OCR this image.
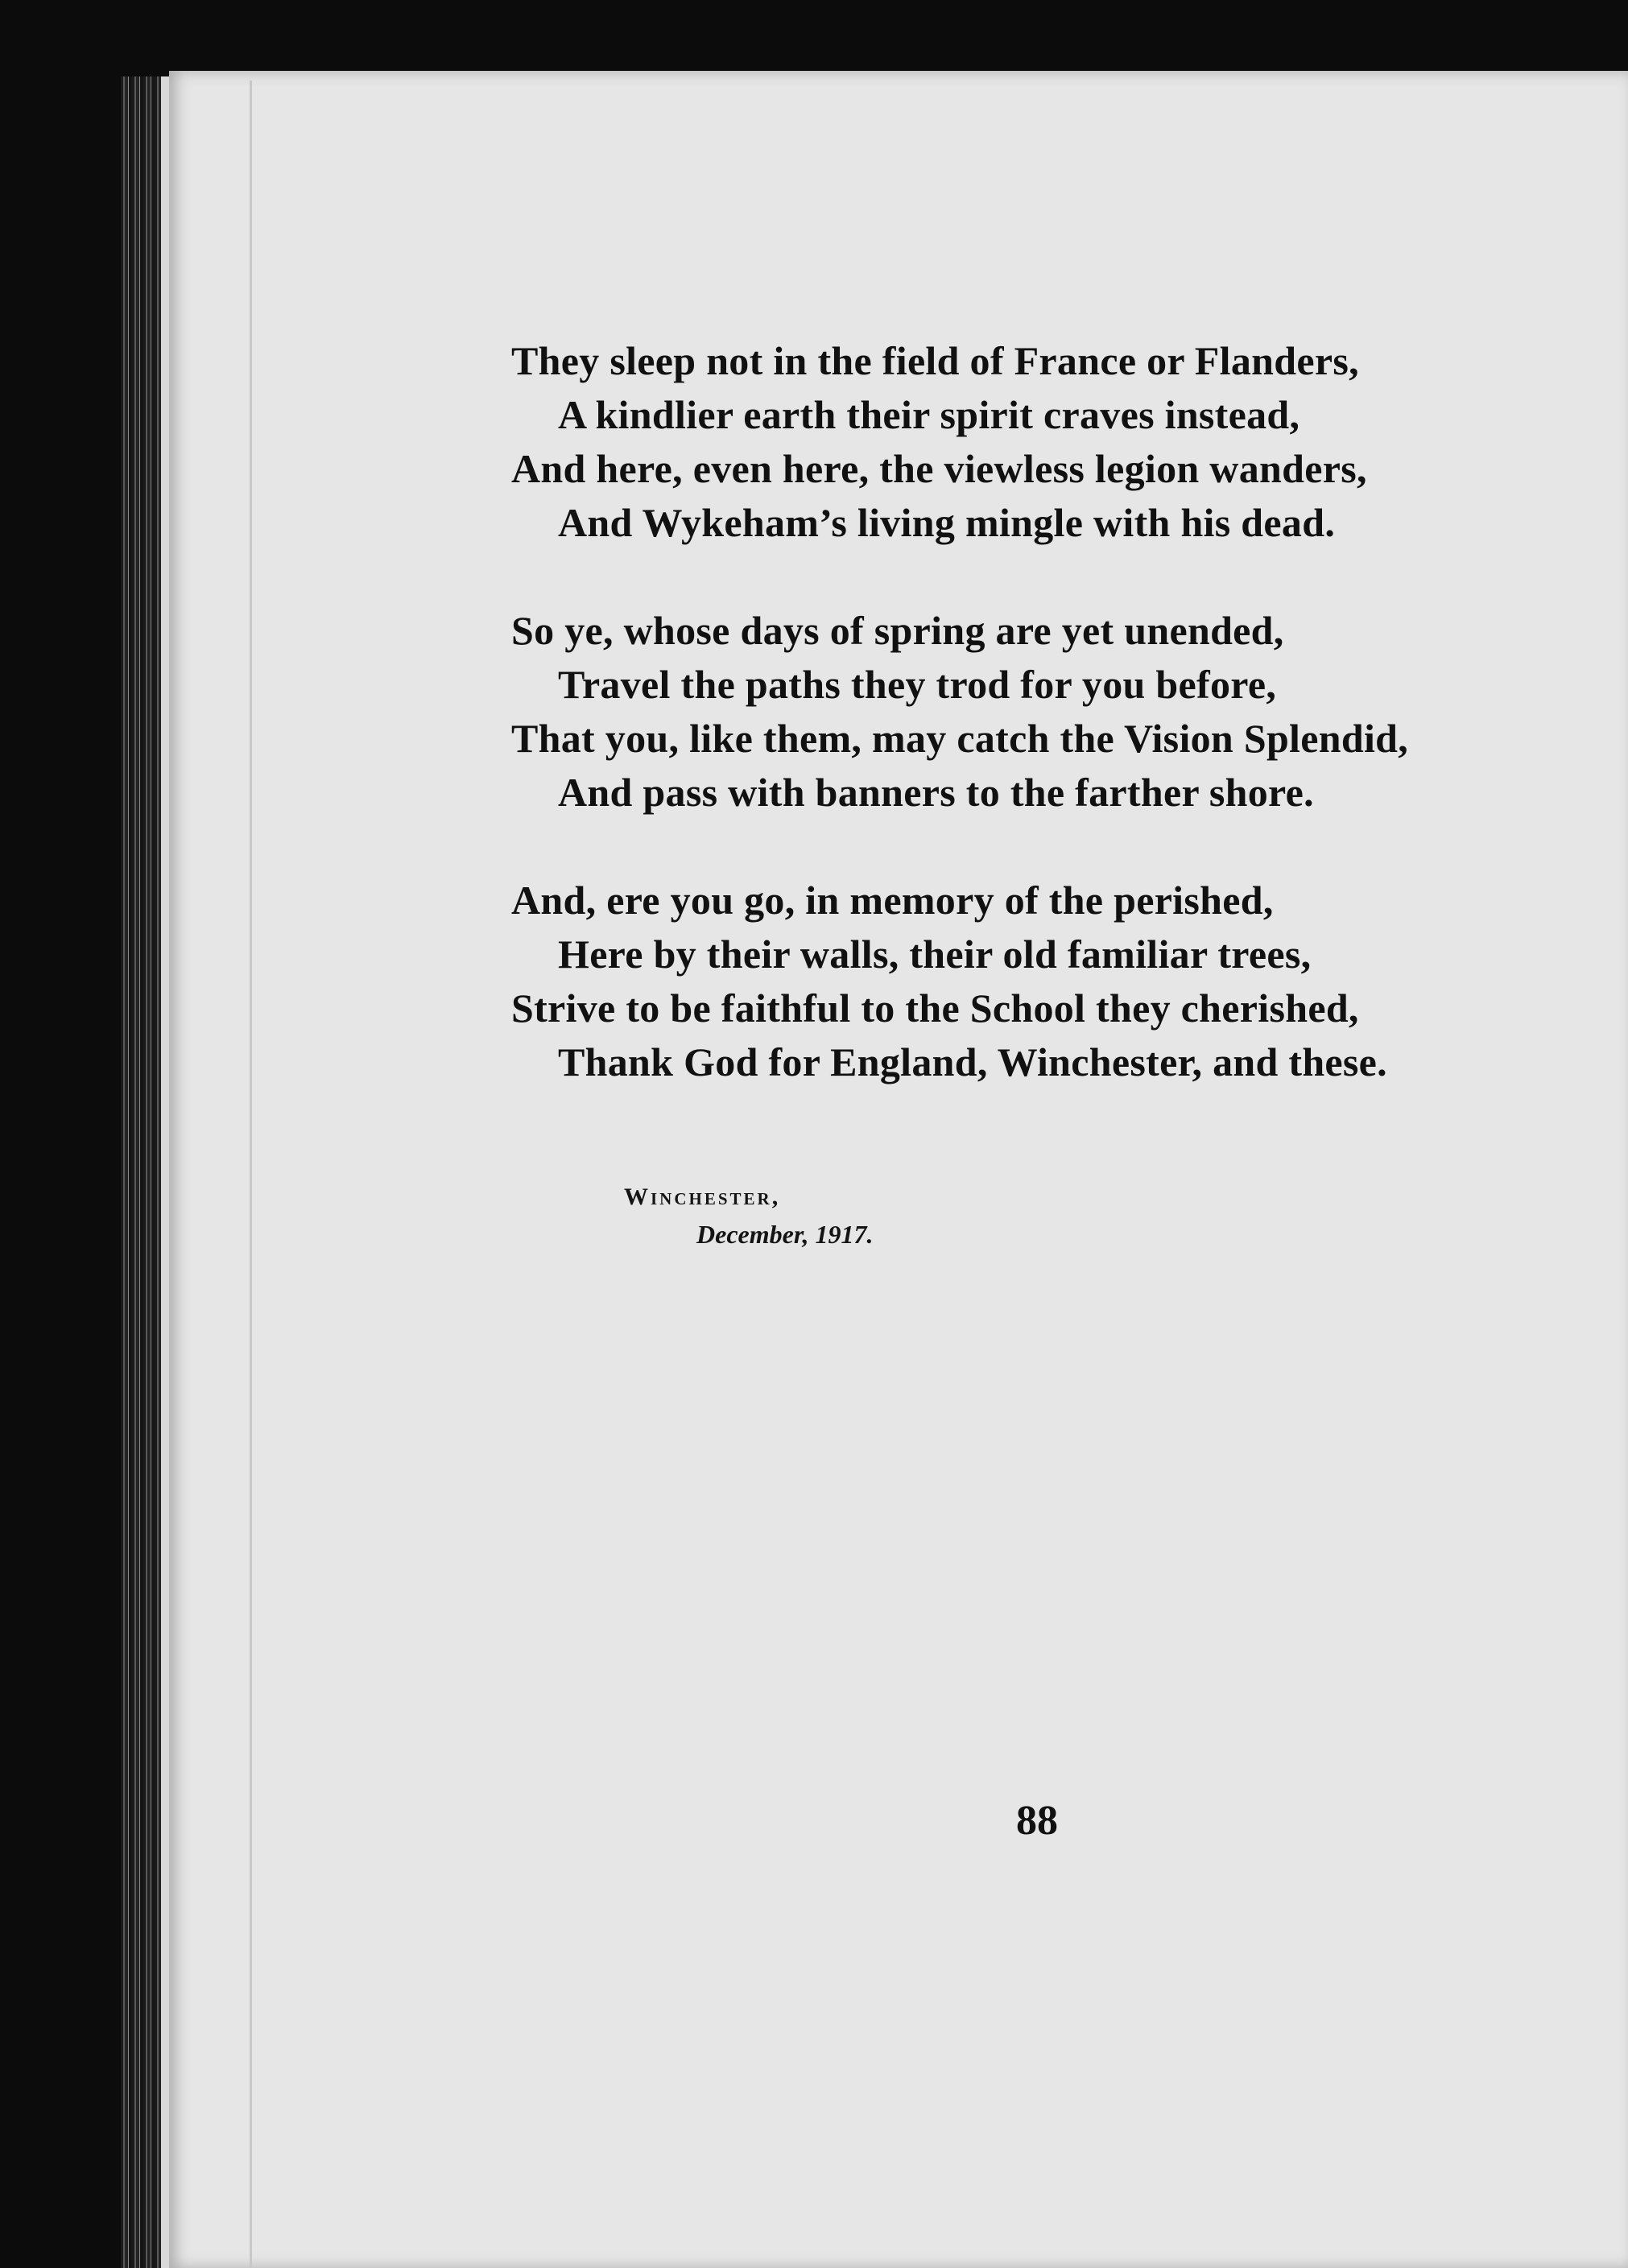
They sleep not in the field of France or Flanders,
A kindlier earth their spirit craves instead,
And here, even here, the viewless legion wanders,
And Wykeham’s living mingle with his dead.
So ye, whose days of spring are yet unended,
Travel the paths they trod for you before,
That you, like them, may catch the Vision Splendid,
And pass with banners to the farther shore.
And, ere you go, in memory of the perished,
Here by their walls, their old familiar trees,
Strive to be faithful to the School they cherished,
Thank God for England, Winchester, and these.
Winchester,
December, 1917.
88
